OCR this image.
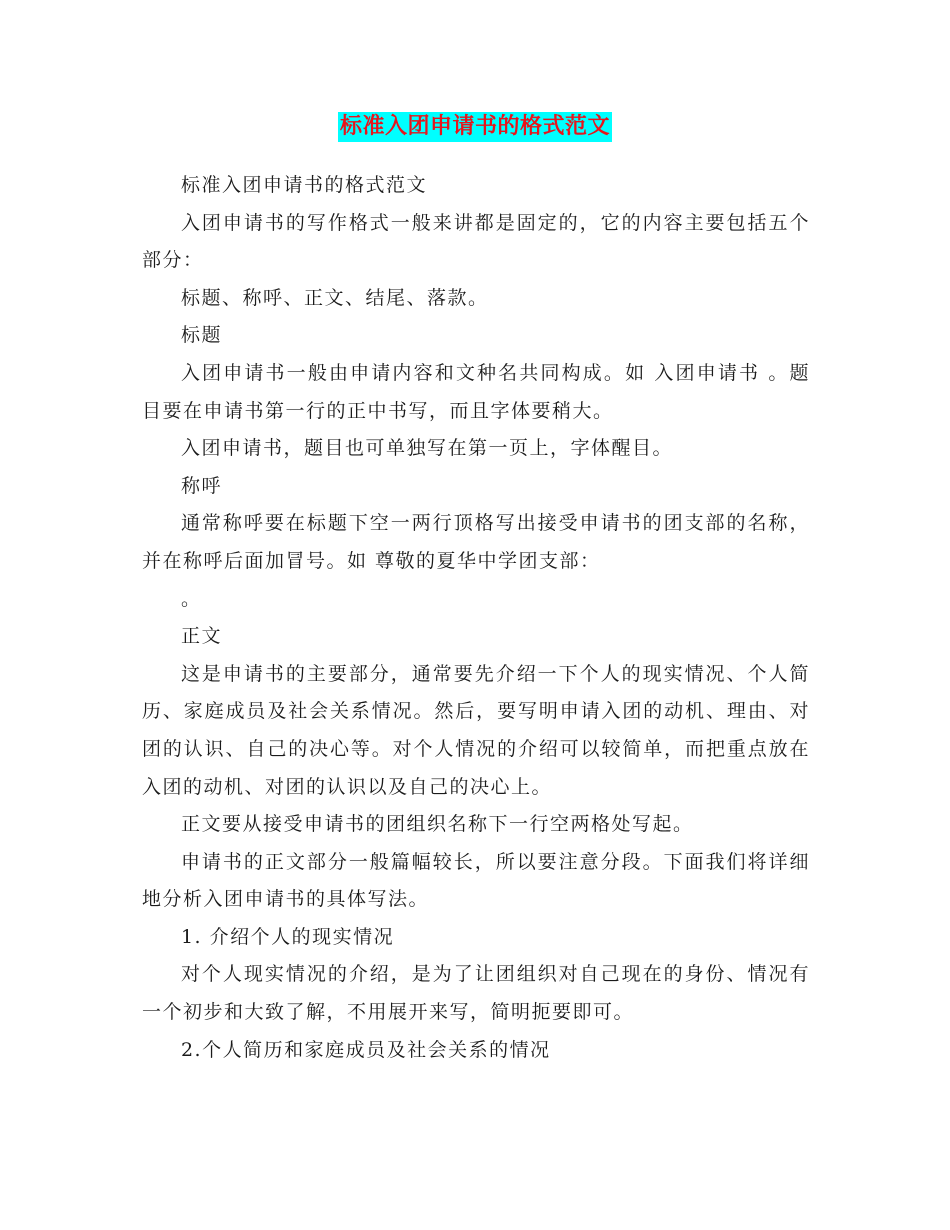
标准入团申请书的格式范文

标准入团申请书的格式范文

入团申请书的写作格式一般来讲都是固定的，它的内容主要包括五个部分：

标题、称呼、正文、结尾、落款。

标题

入团申请书一般由申请内容和文种名共同构成。如 入团申请书 。题目要在申请书第一行的正中书写，而且字体要稍大。

入团申请书，题目也可单独写在第一页上，字体醒目。

称呼

通常称呼要在标题下空一两行顶格写出接受申请书的团支部的名称，并在称呼后面加冒号。如 尊敬的夏华中学团支部：

。

正文

这是申请书的主要部分，通常要先介绍一下个人的现实情况、个人简历、家庭成员及社会关系情况。然后，要写明申请入团的动机、理由、对团的认识、自己的决心等。对个人情况的介绍可以较简单，而把重点放在入团的动机、对团的认识以及自己的决心上。

正文要从接受申请书的团组织名称下一行空两格处写起。

申请书的正文部分一般篇幅较长，所以要注意分段。下面我们将详细地分析入团申请书的具体写法。

1. 介绍个人的现实情况

对个人现实情况的介绍，是为了让团组织对自己现在的身份、情况有一个初步和大致了解，不用展开来写，简明扼要即可。

2.个人简历和家庭成员及社会关系的情况
